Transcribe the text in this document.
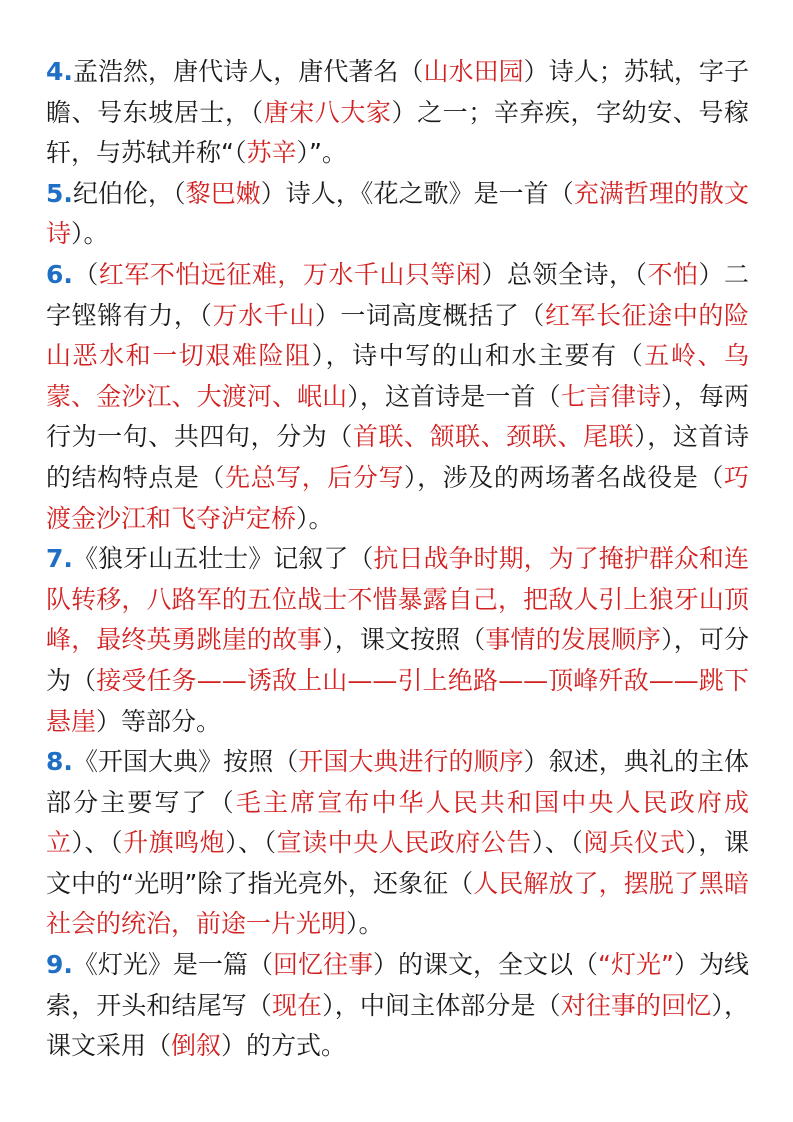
4.孟浩然，唐代诗人，唐代著名（山水田园）诗人；苏轼，字子瞻、号东坡居士，（唐宋八大家）之一；辛弃疾，字幼安、号稼轩，与苏轼并称“（苏辛）”。

5.纪伯伦，（黎巴嫩）诗人，《花之歌》是一首（充满哲理的散文诗）。

6.（红军不怕远征难，万水千山只等闲）总领全诗，（不怕）二字铿锵有力，（万水千山）一词高度概括了（红军长征途中的险山恶水和一切艰难险阻），诗中写的山和水主要有（五岭、乌蒙、金沙江、大渡河、岷山），这首诗是一首（七言律诗），每两行为一句、共四句，分为（首联、颔联、颈联、尾联），这首诗的结构特点是（先总写，后分写），涉及的两场著名战役是（巧渡金沙江和飞夺泸定桥）。

7.《狼牙山五壮士》记叙了（抗日战争时期，为了掩护群众和连队转移，八路军的五位战士不惜暴露自己，把敌人引上狼牙山顶峰，最终英勇跳崖的故事），课文按照（事情的发展顺序），可分为（接受任务——诱敌上山——引上绝路——顶峰歼敌——跳下悬崖）等部分。

8.《开国大典》按照（开国大典进行的顺序）叙述，典礼的主体部分主要写了（毛主席宣布中华人民共和国中央人民政府成立）、（升旗鸣炮）、（宣读中央人民政府公告）、（阅兵仪式），课文中的“光明”除了指光亮外，还象征（人民解放了，摆脱了黑暗社会的统治，前途一片光明）。

9.《灯光》是一篇（回忆往事）的课文，全文以（“灯光”）为线索，开头和结尾写（现在），中间主体部分是（对往事的回忆），课文采用（倒叙）的方式。
